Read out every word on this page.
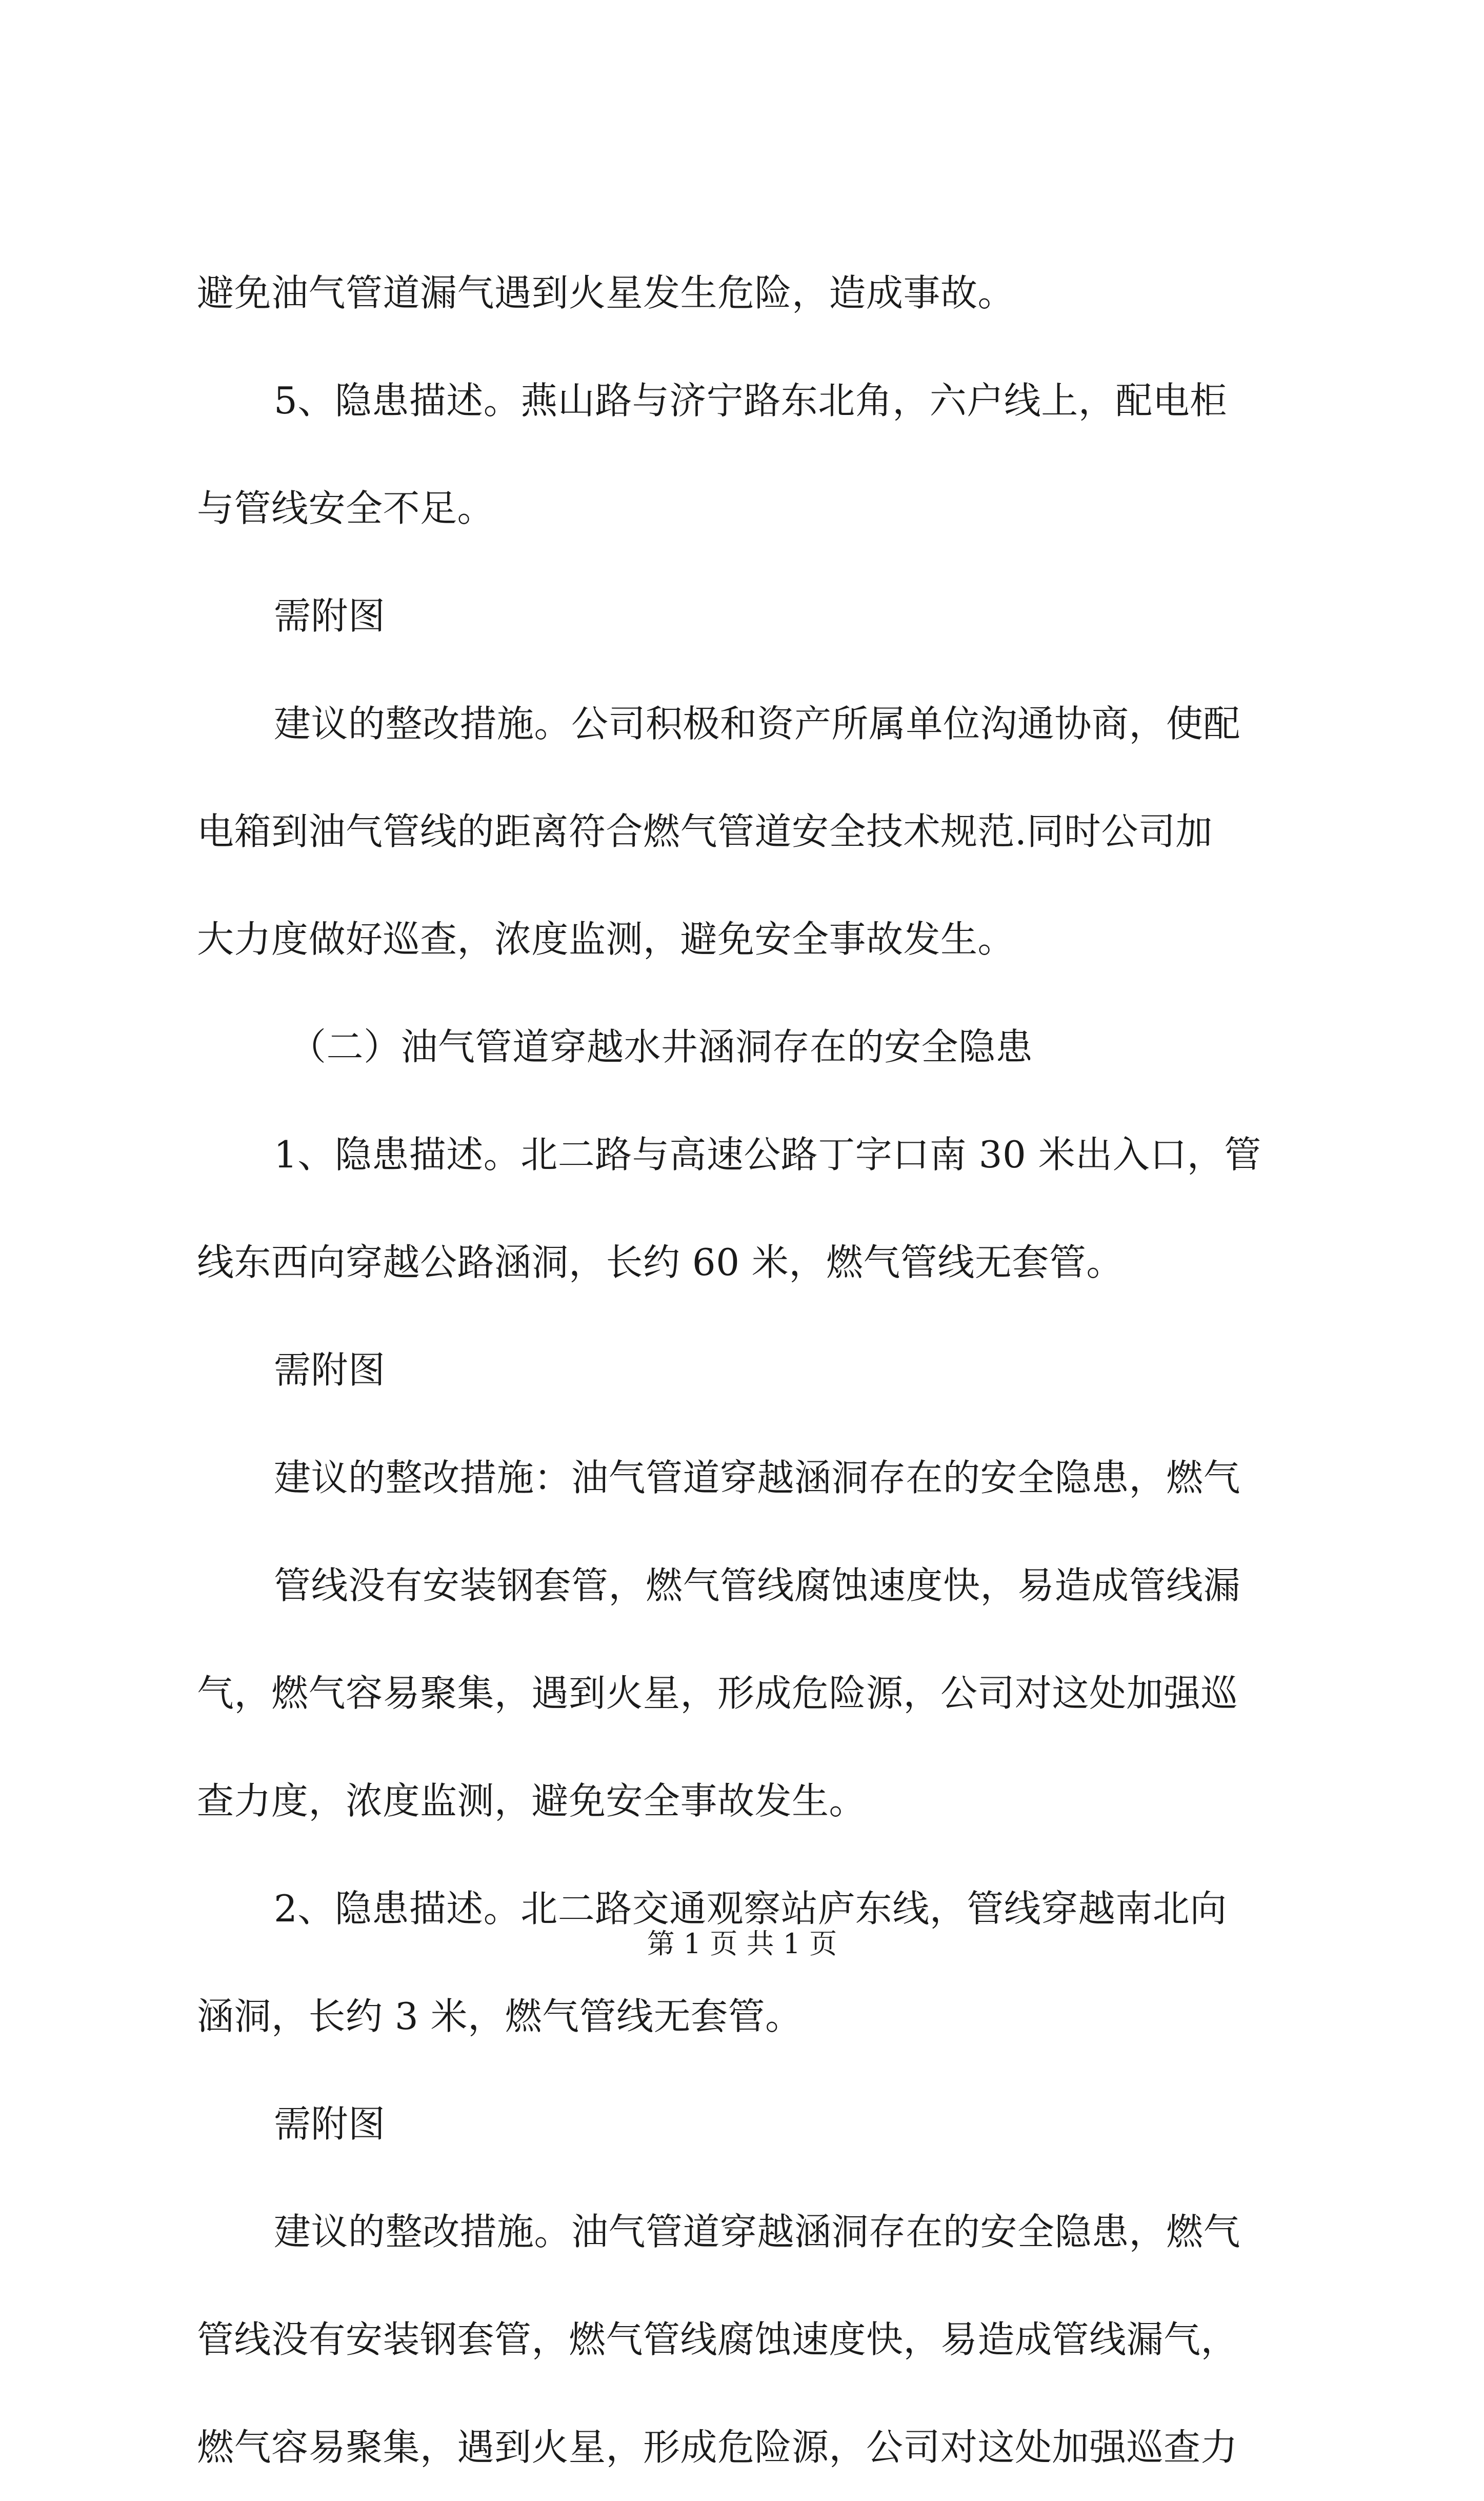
避免油气管道漏气遇到火星发生危险，造成事故。
5、隐患描述。燕山路与济宁路东北角，六户线上，配电柜
与管线安全不足。
需附图
建议的整改措施。公司积极和资产所属单位沟通协商，使配
电箱到油气管线的距离符合燃气管道安全技术规范.同时公司加
大力度做好巡查，浓度监测，避免安全事故发生。
（二）油气管道穿越水井涵洞存在的安全隐患
1、隐患描述。北二路与高速公路丁字口南 30 米出入口，管
线东西向穿越公路涵洞，长约 60 米，燃气管线无套管。
需附图
建议的整改措施：油气管道穿越涵洞存在的安全隐患，燃气
管线没有安装钢套管，燃气管线腐蚀速度快，易造成管线漏
气，燃气容易聚集，遇到火星，形成危险源，公司对这处加强巡
查力度，浓度监测，避免安全事故发生。
2、隐患描述。北二路交通观察站庐东线，管线穿越南北向
涵洞，长约 3 米，燃气管线无套管。
需附图
建议的整改措施。油气管道穿越涵洞存在的安全隐患，燃气
管线没有安装钢套管，燃气管线腐蚀速度快，易造成管线漏气，
燃气容易聚集，遇到火星，形成危险源，公司对这处加强巡查力
第 1 页 共 1 页
